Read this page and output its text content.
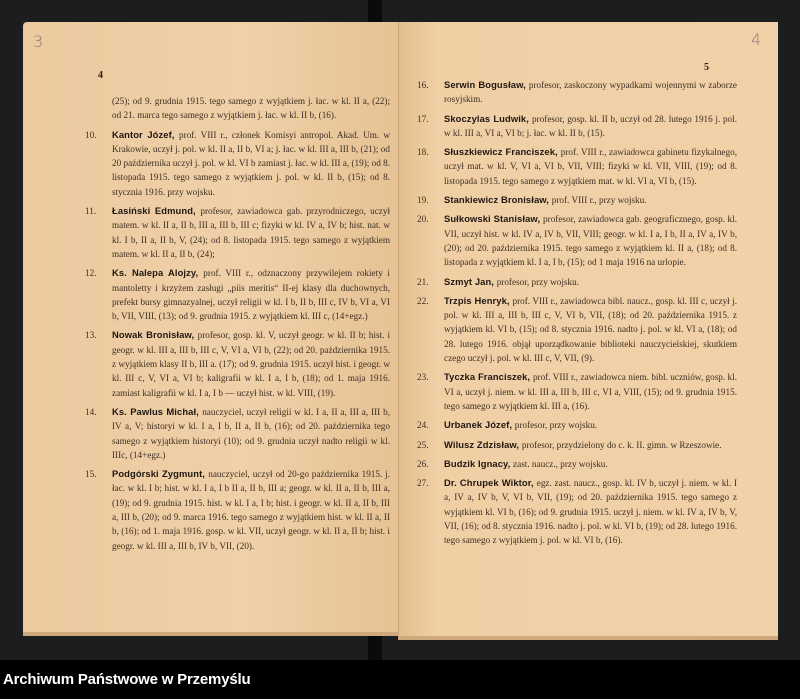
3
4
(25); od 9. grudnia 1915. tego samego z wyjątkiem j. łac. w kl. II a, (22); od 21. marca tego samego z wyjątkiem j. łac. w kl. II b, (16).
10.	Kantor Józef, prof. VIII r., członek Komisyi antropol. Akad. Um. w Krakowie, uczył j. pol. w kl. II a, II b, VI a; j. łac. w kl. III a, III b, (21); od 20 października uczył j. pol. w kl. VI b zamiast j. łac. w kl. III a, (19); od 8. listopada 1915. tego samego z wyjątkiem j. pol. w kl. II b, (15); od 8. stycznia 1916. przy wojsku.
11.	Łasiński Edmund, profesor, zawiadowca gab. przyrodniczego, uczył matem. w kl. II a, II b, III a, III b, III c; fizyki w kl. IV a, IV b; hist. nat. w kl. I b, II a, II b, V, (24); od 8. listopada 1915. tego samego z wyjątkiem matem. w kl. II a, II b, (24);
12.	Ks. Nalepa Alojzy, prof. VIII r., odznaczony przywilejem rokiety i mantoletty i krzyżem zasługi „piis meritis“ II-ej klasy dla duchownych, prefekt bursy gimnazyalnej, uczył religii w kl. I b, II b, III c, IV b, VI a, VI b, VII, VIII, (13); od 9. grudnia 1915. z wyjątkiem kl. III c, (14+egz.)
13.	Nowak Bronisław, profesor, gosp. kl. V, uczył geogr. w kl. II b; hist. i geogr. w kl. III a, III b, III c, V, VI a, VI b, (22); od 20. października 1915. z wyjątkiem klasy II b, III a. (17); od 9. grudnia 1915. uczył hist. i geogr. w kl. III c, V, VI a, VI b; kaligrafii w kl. I a, I b, (18); od 1. maja 1916. zamiast kaligrafii w kl. I a, I b — uczył hist. w kl. VIII, (19).
14.	Ks. Pawlus Michał, nauczyciel, uczył religii w kl. I a, II a, III a, III b, IV a, V; historyi w kl. I a, I b, II a, II b, (16); od 20. października tego samego z wyjątkiem historyi (10); od 9. grudnia uczył nadto religii w kl. IIIc, (14+egz.)
15.	Podgórski Zygmunt, nauczyciel, uczył od 20-go października 1915. j. łac. w kl. I b; hist. w kl. I a, I b II a, II b, III a; geogr. w kl. II a, II b, III a, (19); od 9. grudnia 1915. hist. w kl. I a, I b; hist. i geogr. w kl. II a, II b, III a, III b, (20); od 9. marca 1916. tego samego z wyjątkiem hist. w kl. II a, II b, (16); od 1. maja 1916. gosp. w kl. VII, uczył geogr. w kl. II a, II b; hist. i geogr. w kl. III a, III b, IV b, VII, (20).
4
5
16.	Serwin Bogusław, profesor, zaskoczony wypadkami wojennymi w zaborze rosyjskim.
17.	Skoczylas Ludwik, profesor, gosp. kl. II b, uczył od 28. lutego 1916 j. pol. w kl. III a, VI a, VI b; j. łac. w kl. II b, (15).
18.	Słuszkiewicz Franciszek, prof. VIII r., zawiadowca gabinetu fizykalnego, uczył mat. w kl. V, VI a, VI b, VII, VIII; fizyki w kl. VII, VIII, (19); od 8. listopada 1915. tego samego z wyjątkiem mat. w kl. VI a, VI b, (15).
19.	Stankiewicz Bronisław, prof. VIII r., przy wojsku.
20.	Sułkowski Stanisław, profesor, zawiadowca gab. geograficznego, gosp. kl. VII, uczył hist. w kl. IV a, IV b, VII, VIII; geogr. w kl. I a, I b, II a, IV a, IV b, (20); od 20. października 1915. tego samego z wyjątkiem kl. II a, (18); od 8. listopada z wyjątkiem kl. I a, I b, (15); od 1 maja 1916 na urlopie.
21.	Szmyt Jan, profesor, przy wojsku.
22.	Trzpis Henryk, prof. VIII r., zawiadowca bibl. naucz., gosp. kl. III c, uczył j. pol. w kl. III a, III b, III c, V, VI b, VII, (18); od 20. października 1915. z wyjątkiem kl. VI b, (15); od 8. stycznia 1916. nadto j. pol. w kl. VI a, (18); od 28. lutego 1916. objął uporządkowanie biblioteki nauczycielskiej, skutkiem czego uczył j. pol. w kl. III c, V, VII, (9).
23.	Tyczka Franciszek, prof. VIII r., zawiadowca niem. bibl. uczniów, gosp. kl. VI a, uczył j. niem. w kl. III a, III b, III c, VI a, VIII, (15); od 9. grudnia 1915. tego samego z wyjątkiem kl. III a, (16).
24.	Urbanek Józef, profesor, przy wojsku.
25.	Wilusz Zdzisław, profesor, przydzielony do c. k. II. gimn. w Rzeszowie.
26.	Budzik Ignacy, zast. naucz., przy wojsku.
27.	Dr. Chrupek Wiktor, egz. zast. naucz., gosp. kl. IV b, uczył j. niem. w kl. I a, IV a, IV b, V, VI b, VII, (19); od 20. października 1915. tego samego z wyjątkiem kl. VI b, (16); od 9. grudnia 1915. uczył j. niem. w kl. IV a, IV b, V, VII, (16); od 8. stycznia 1916. nadto j. pol. w kl. VI b, (19); od 28. lutego 1916. tego samego z wyjątkiem j. pol. w kl. VI b, (16).
Archiwum Państwowe w Przemyślu
